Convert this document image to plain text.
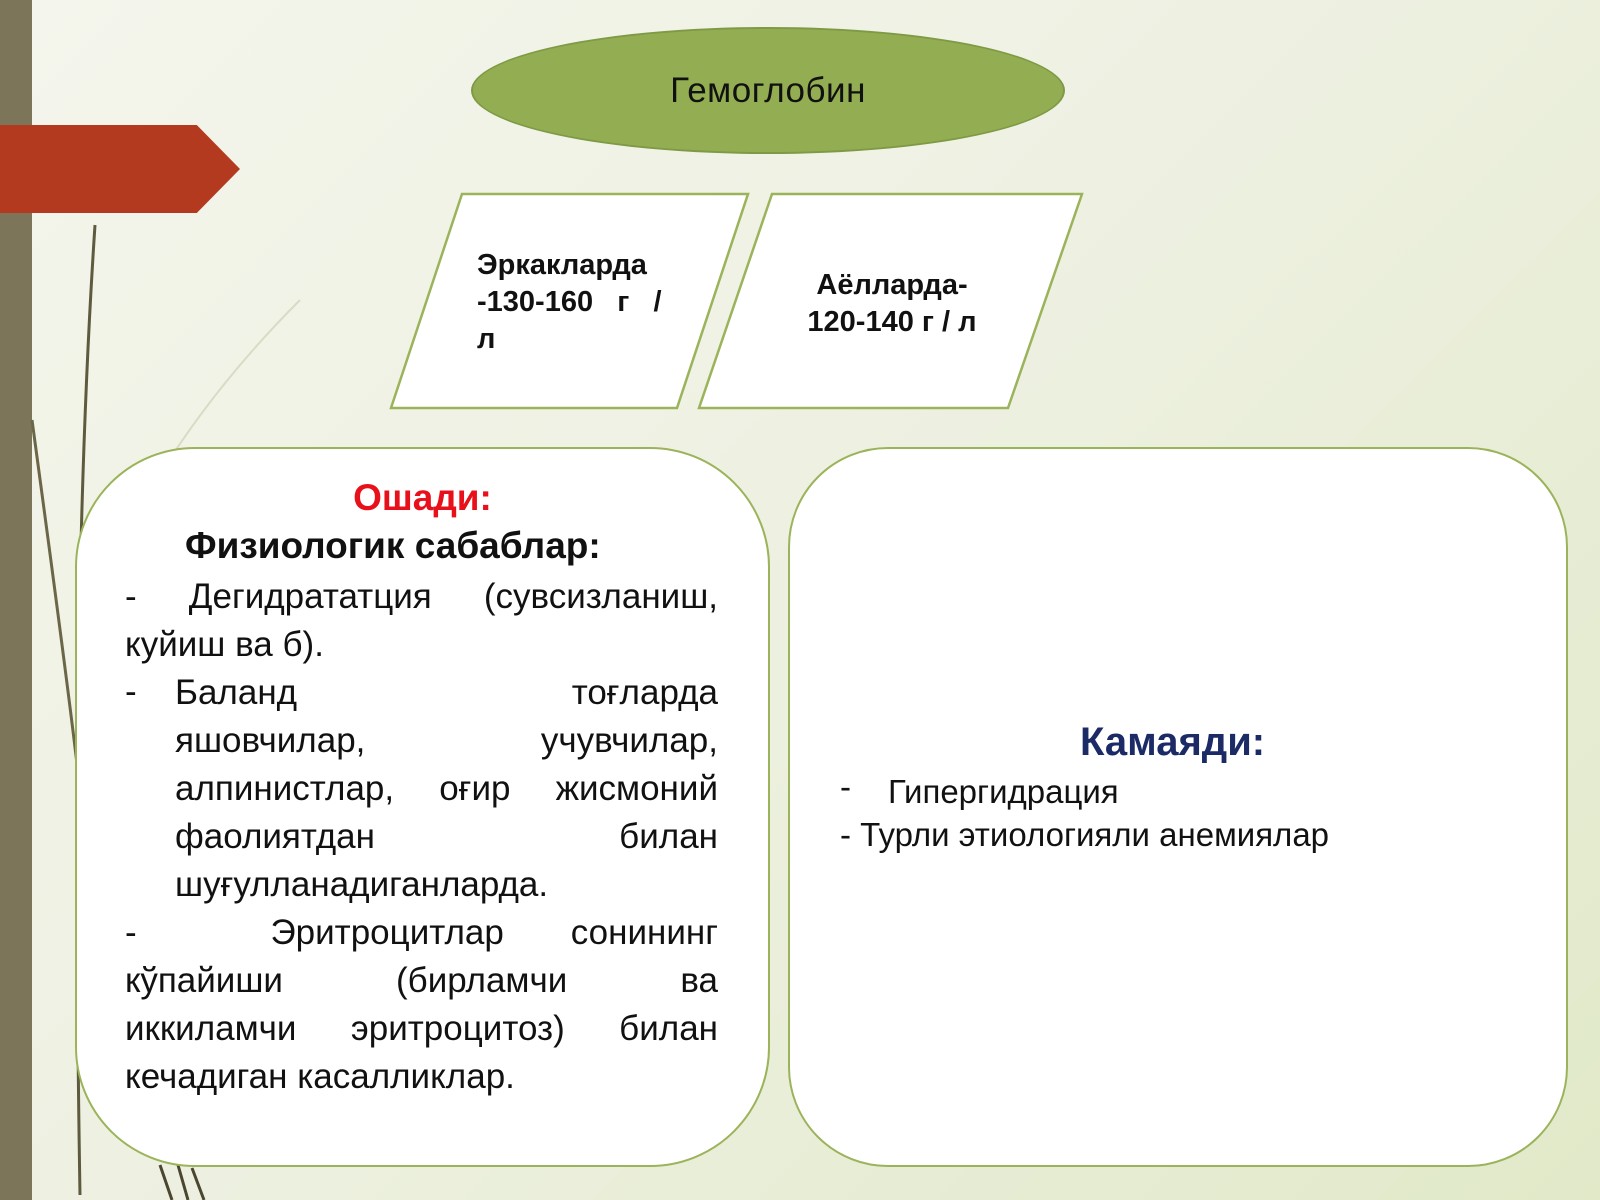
Гемоглобин
Эркакларда
-130-160   г   /
л
Аёлларда-
120-140 г / л
Ошади:
Физиологик сабаблар:
- Дегидрататция (сувсизланиш,
куйиш ва б).
- Баланд тоғларда
яшовчилар, учувчилар,
алпинистлар, оғир жисмоний
фаолиятдан билан
шуғулланадиганларда.
-  Эритроцитлар сонининг
кўпайиши (бирламчи ва
иккиламчи эритроцитоз) билан
кечадиган касалликлар.
Камаяди:
- Гипергидрация
- Турли этиологияли анемиялар
